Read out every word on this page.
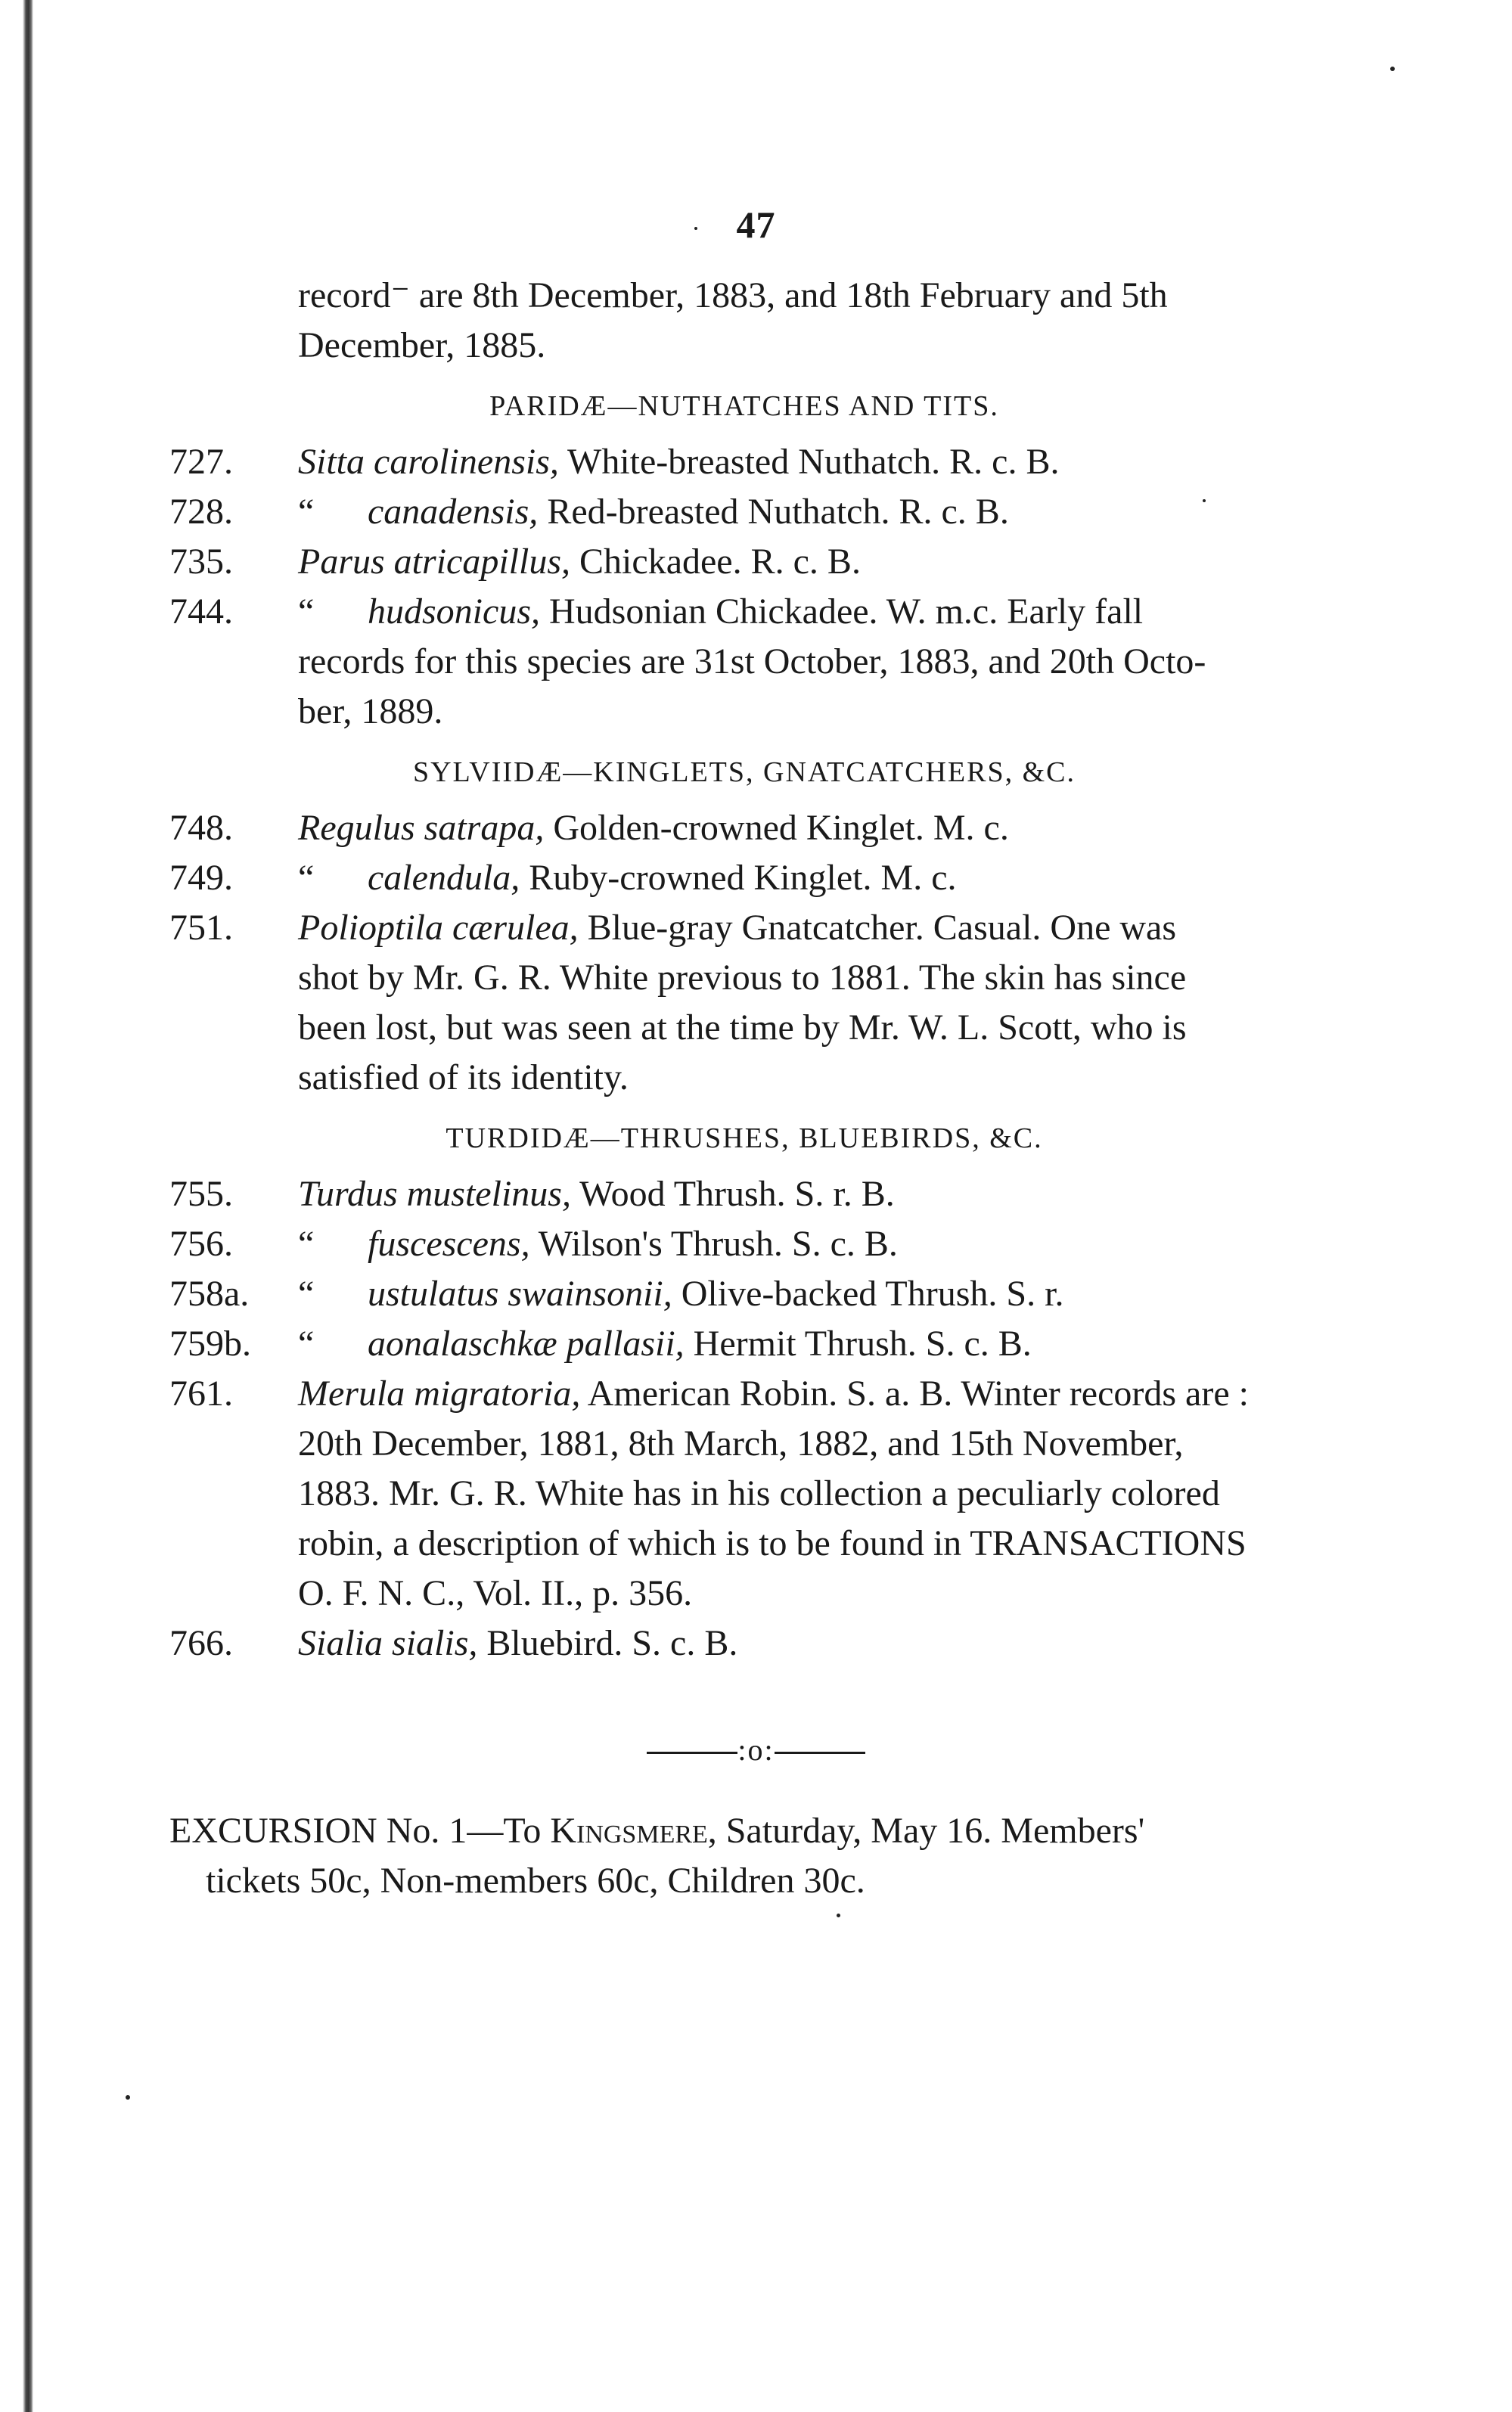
47

record⁻ are 8th December, 1883, and 18th February and 5th

December, 1885.

PARIDÆ—NUTHATCHES AND TITS.

727.	Sitta carolinensis, White-breasted Nuthatch. R. c. B.

728.	“ canadensis, Red-breasted Nuthatch. R. c. B.

735.	Parus atricapillus, Chickadee. R. c. B.

744.	“ hudsonicus, Hudsonian Chickadee. W. m.c. Early fall

records for this species are 31st October, 1883, and 20th Octo-

ber, 1889.

SYLVIIDÆ—KINGLETS, GNATCATCHERS, &C.

748.	Regulus satrapa, Golden-crowned Kinglet. M. c.

749.	“ calendula, Ruby-crowned Kinglet. M. c.

751.	Polioptila cærulea, Blue-gray Gnatcatcher. Casual. One was

shot by Mr. G. R. White previous to 1881. The skin has since

been lost, but was seen at the time by Mr. W. L. Scott, who is

satisfied of its identity.

TURDIDÆ—THRUSHES, BLUEBIRDS, &C.

755.	Turdus mustelinus, Wood Thrush. S. r. B.

756.	“ fuscescens, Wilson's Thrush. S. c. B.

758a.	“ ustulatus swainsonii, Olive-backed Thrush. S. r.

759b.	“ aonalaschkæ pallasii, Hermit Thrush. S. c. B.

761.	Merula migratoria, American Robin. S. a. B. Winter records are :

20th December, 1881, 8th March, 1882, and 15th November,

1883. Mr. G. R. White has in his collection a peculiarly colored

robin, a description of which is to be found in TRANSACTIONS

O. F. N. C., Vol. II., p. 356.

766.	Sialia sialis, Bluebird. S. c. B.

:o:

EXCURSION No. 1—To Kingsmere, Saturday, May 16. Members'

tickets 50c, Non-members 60c, Children 30c.
